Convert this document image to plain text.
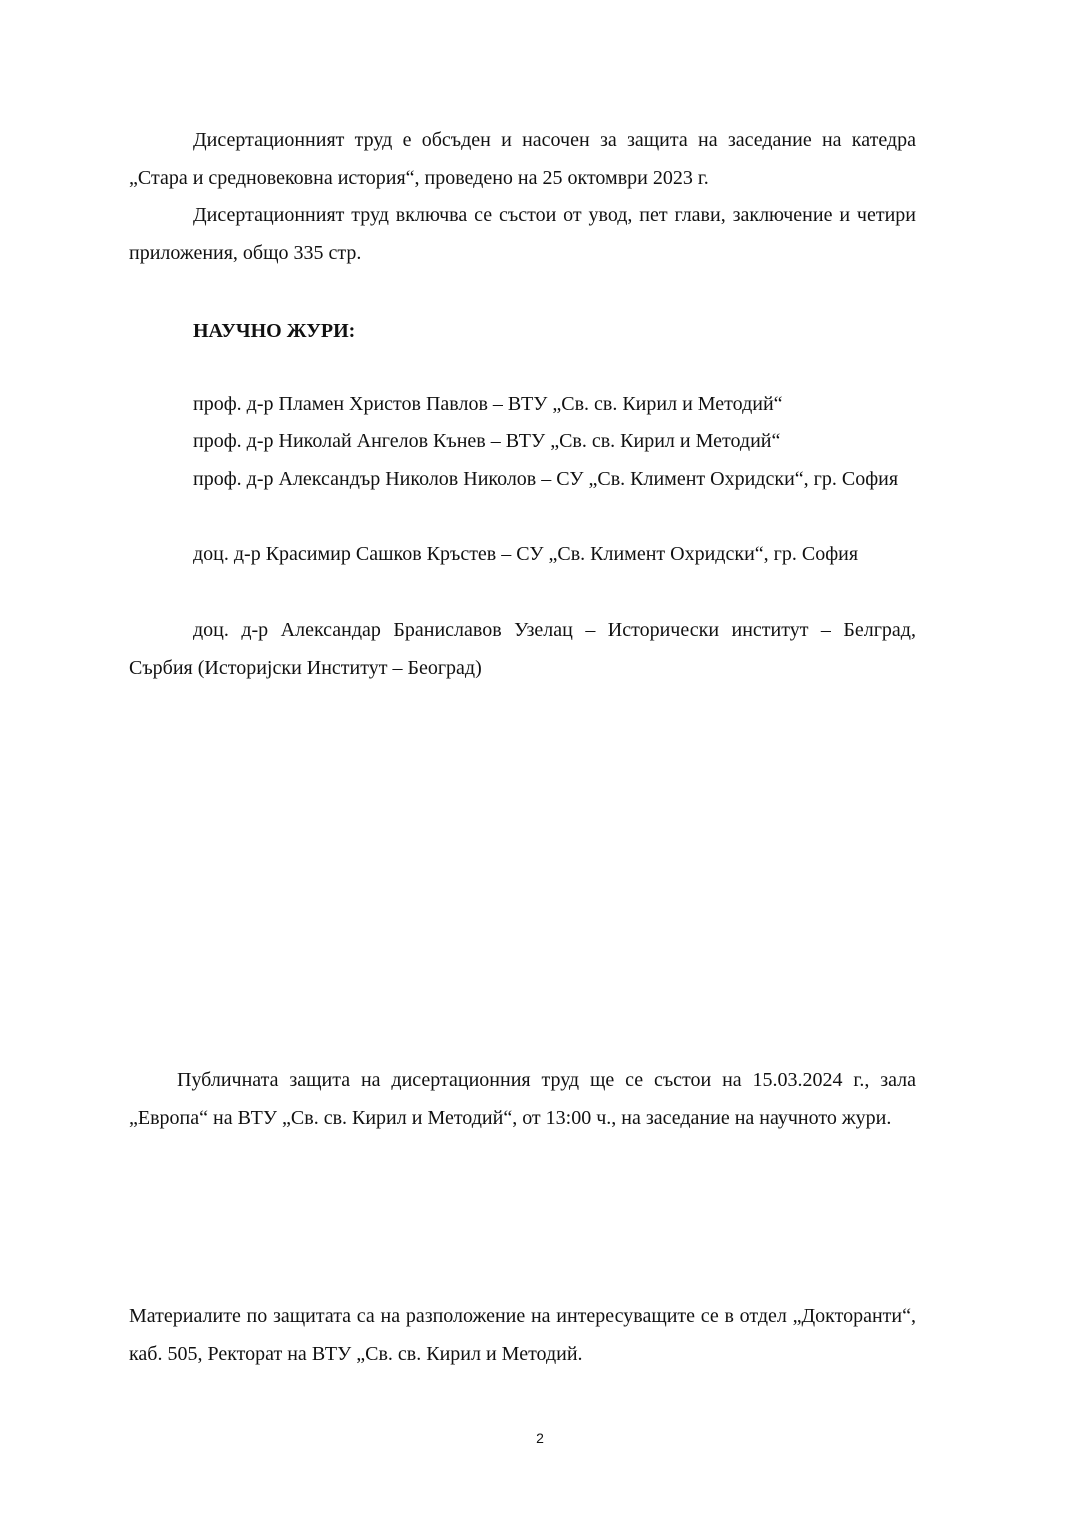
Дисертационният труд е обсъден и насочен за защита на заседание на катедра „Стара и средновековна история“, проведено на 25 октомври 2023 г.

Дисертационният труд включва се състои от увод, пет глави, заключение и четири приложения, общо 335 стр.

НАУЧНО ЖУРИ:

проф. д-р Пламен Христов Павлов – ВТУ „Св. св. Кирил и Методий“

проф. д-р Николай Ангелов Кънев – ВТУ „Св. св. Кирил и Методий“

проф. д-р Александър Николов Николов – СУ „Св. Климент Охридски“, гр. София

доц. д-р Красимир Сашков Кръстев – СУ „Св. Климент Охридски“, гр. София

доц. д-р Александар Браниславов Узелац – Исторически институт – Белград, Сърбия (Историјски Институт – Београд)

Публичната защита на дисертационния труд ще се състои на 15.03.2024 г., зала „Европа“ на ВТУ „Св. св. Кирил и Методий“, от 13:00 ч., на заседание на научното жури.

Материалите по защитата са на разположение на интересуващите се в отдел „Докторанти“, каб. 505, Ректорат на ВТУ „Св. св. Кирил и Методий.

2
